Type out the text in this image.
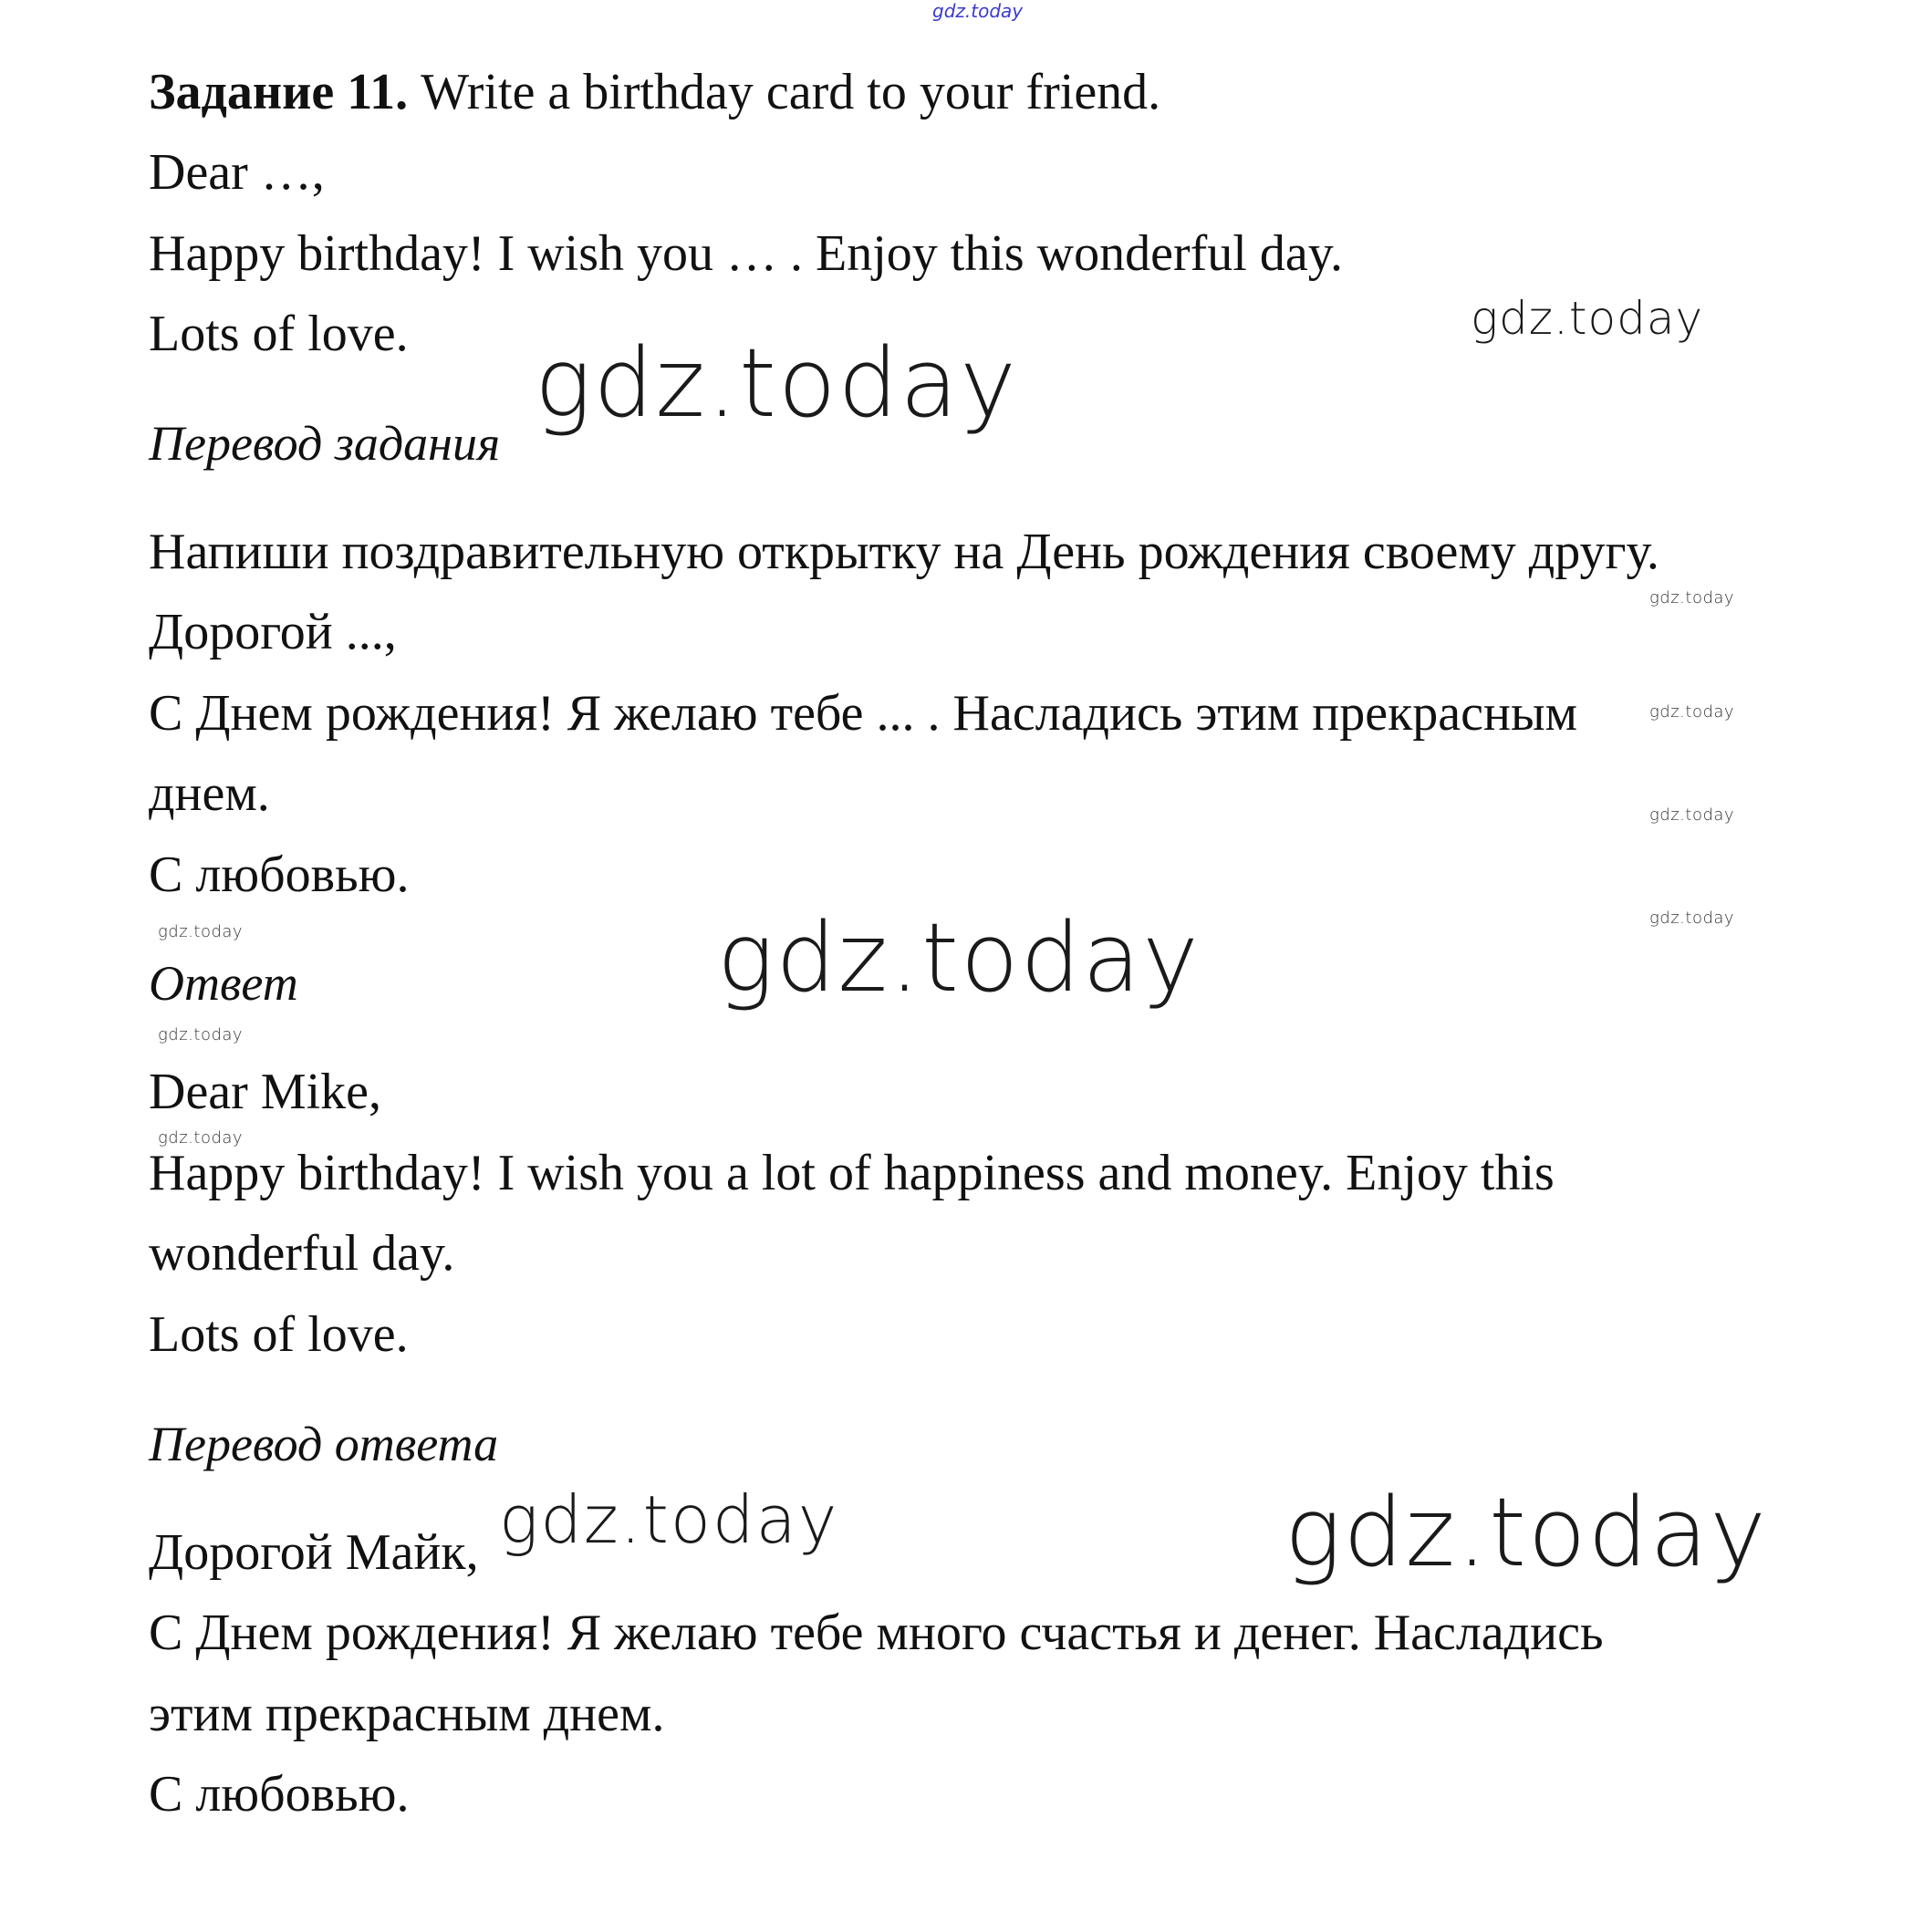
gdz.today
gdz.today
gdz.today
gdz.today
gdz.today
gdz.today
gdz.today
gdz.today	gdz.today
gdz.today
gdz.today
gdz.today	gdz.today
Задание 11. Write a birthday card to your friend.
Dear …,
Happy birthday! I wish you … . Enjoy this wonderful day.
Lots of love.
Перевод задания
Напиши поздравительную открытку на День рождения своему другу.
Дорогой ...,
С Днем рождения! Я желаю тебе ... . Насладись этим прекрасным
днем.
С любовью.
Ответ
Dear Mike,
Happy birthday! I wish you a lot of happiness and money. Enjoy this
wonderful day.
Lots of love.
Перевод ответа
Дорогой Майк,
С Днем рождения! Я желаю тебе много счастья и денег. Насладись
этим прекрасным днем.
С любовью.
